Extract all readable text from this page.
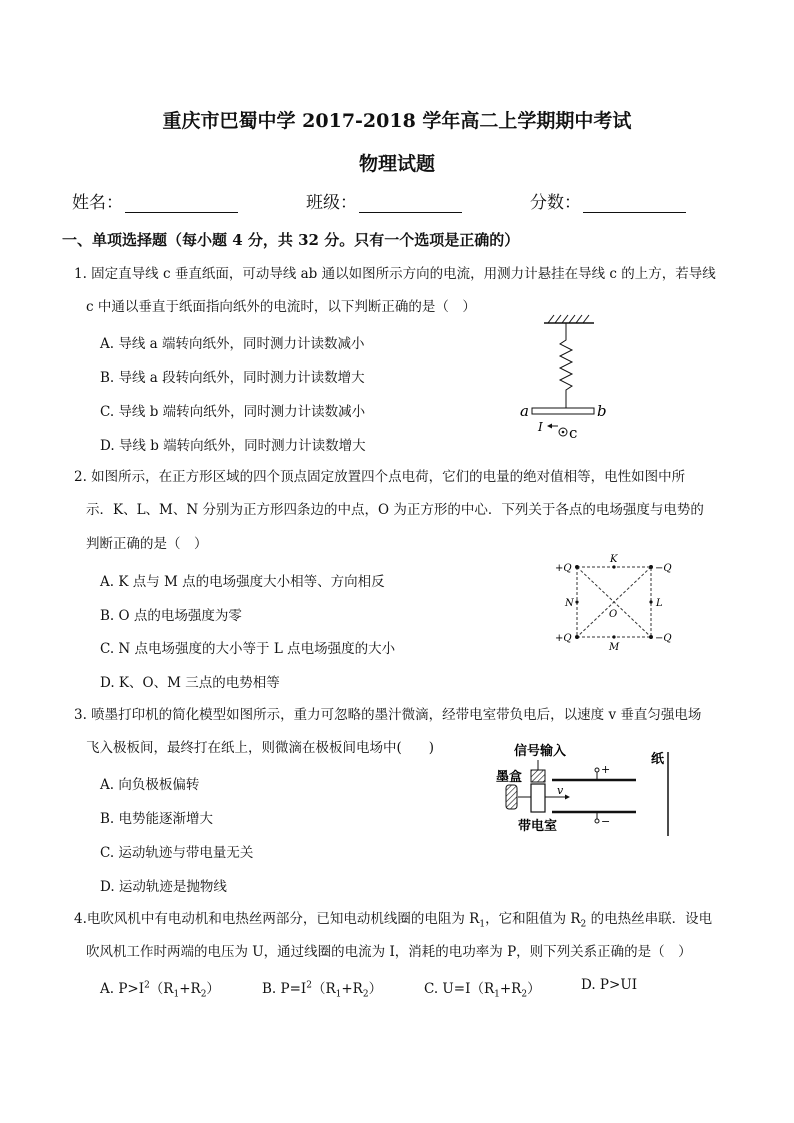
重庆市巴蜀中学 2017-2018 学年高二上学期期中考试
物理试题
姓名：	班级：	分数：
一、单项选择题（每小题 4 分，共 32 分。只有一个选项是正确的）
1. 固定直导线 c 垂直纸面，可动导线 ab 通以如图所示方向的电流，用测力计悬挂在导线 c 的上方，若导线
c 中通以垂直于纸面指向纸外的电流时，以下判断正确的是（　）
A. 导线 a 端转向纸外，同时测力计读数减小
B. 导线 a 段转向纸外，同时测力计读数增大
C. 导线 b 端转向纸外，同时测力计读数减小
D. 导线 b 端转向纸外，同时测力计读数增大
a	b
I c
2. 如图所示，在正方形区域的四个顶点固定放置四个点电荷，它们的电量的绝对值相等，电性如图中所
示．K、L、M、N 分别为正方形四条边的中点，O 为正方形的中心．下列关于各点的电场强度与电势的
判断正确的是（　）
A. K 点与 M 点的电场强度大小相等、方向相反
B. O 点的电场强度为零
C. N 点电场强度的大小等于 L 点电场强度的大小
D. K、O、M 三点的电势相等
+Q	−Q
+Q	−Q
K
M
N	L
O
3. 喷墨打印机的简化模型如图所示，重力可忽略的墨汁微滴，经带电室带负电后，以速度 v 垂直匀强电场
飞入极板间，最终打在纸上，则微滴在极板间电场中(　　)
A. 向负极板偏转
B. 电势能逐渐增大
C. 运动轨迹与带电量无关
D. 运动轨迹是抛物线
信号输入
墨盒
v
带电室
+
−
纸
4.电吹风机中有电动机和电热丝两部分，已知电动机线圈的电阻为 $R_1$，它和阻值为 $R_2$ 的电热丝串联．设电
吹风机工作时两端的电压为 U，通过线圈的电流为 I，消耗的电功率为 P，则下列关系正确的是（　）
A. $P>I^2(R_1+R_2)$	B. $P=I^2(R_1+R_2)$	C. $U=I(R_1+R_2)$	D. P>UI
